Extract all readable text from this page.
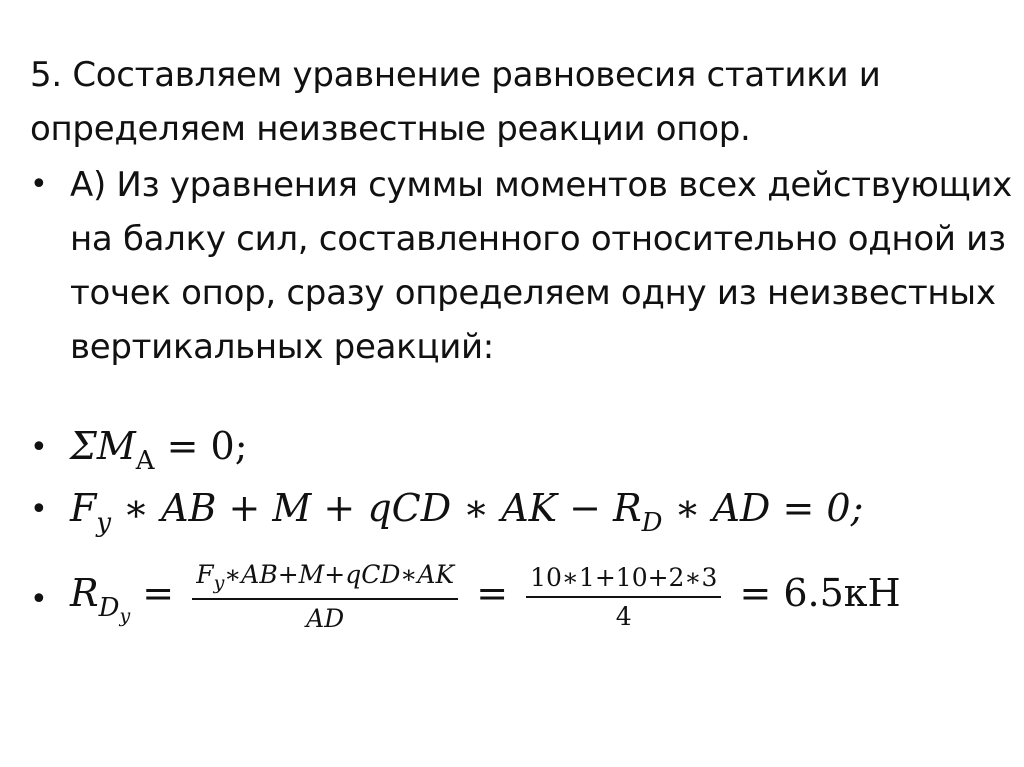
5. Составляем уравнение равновесия статики и определяем неизвестные реакции опор.
• А) Из уравнения суммы моментов всех действующих на балку сил, составленного относительно одной из точек опор, сразу определяем одну из неизвестных вертикальных реакций:
• $\Sigma M_A = 0$;
• $F_y$ ∗ AB + M + qCD ∗ AK − $R_D$ ∗ AD = 0;
• $R_{D_y} = \frac{F_y∗AB+M+qCD∗AK}{AD} = \frac{10∗1+10+2∗3}{4} = 6.5кН$
